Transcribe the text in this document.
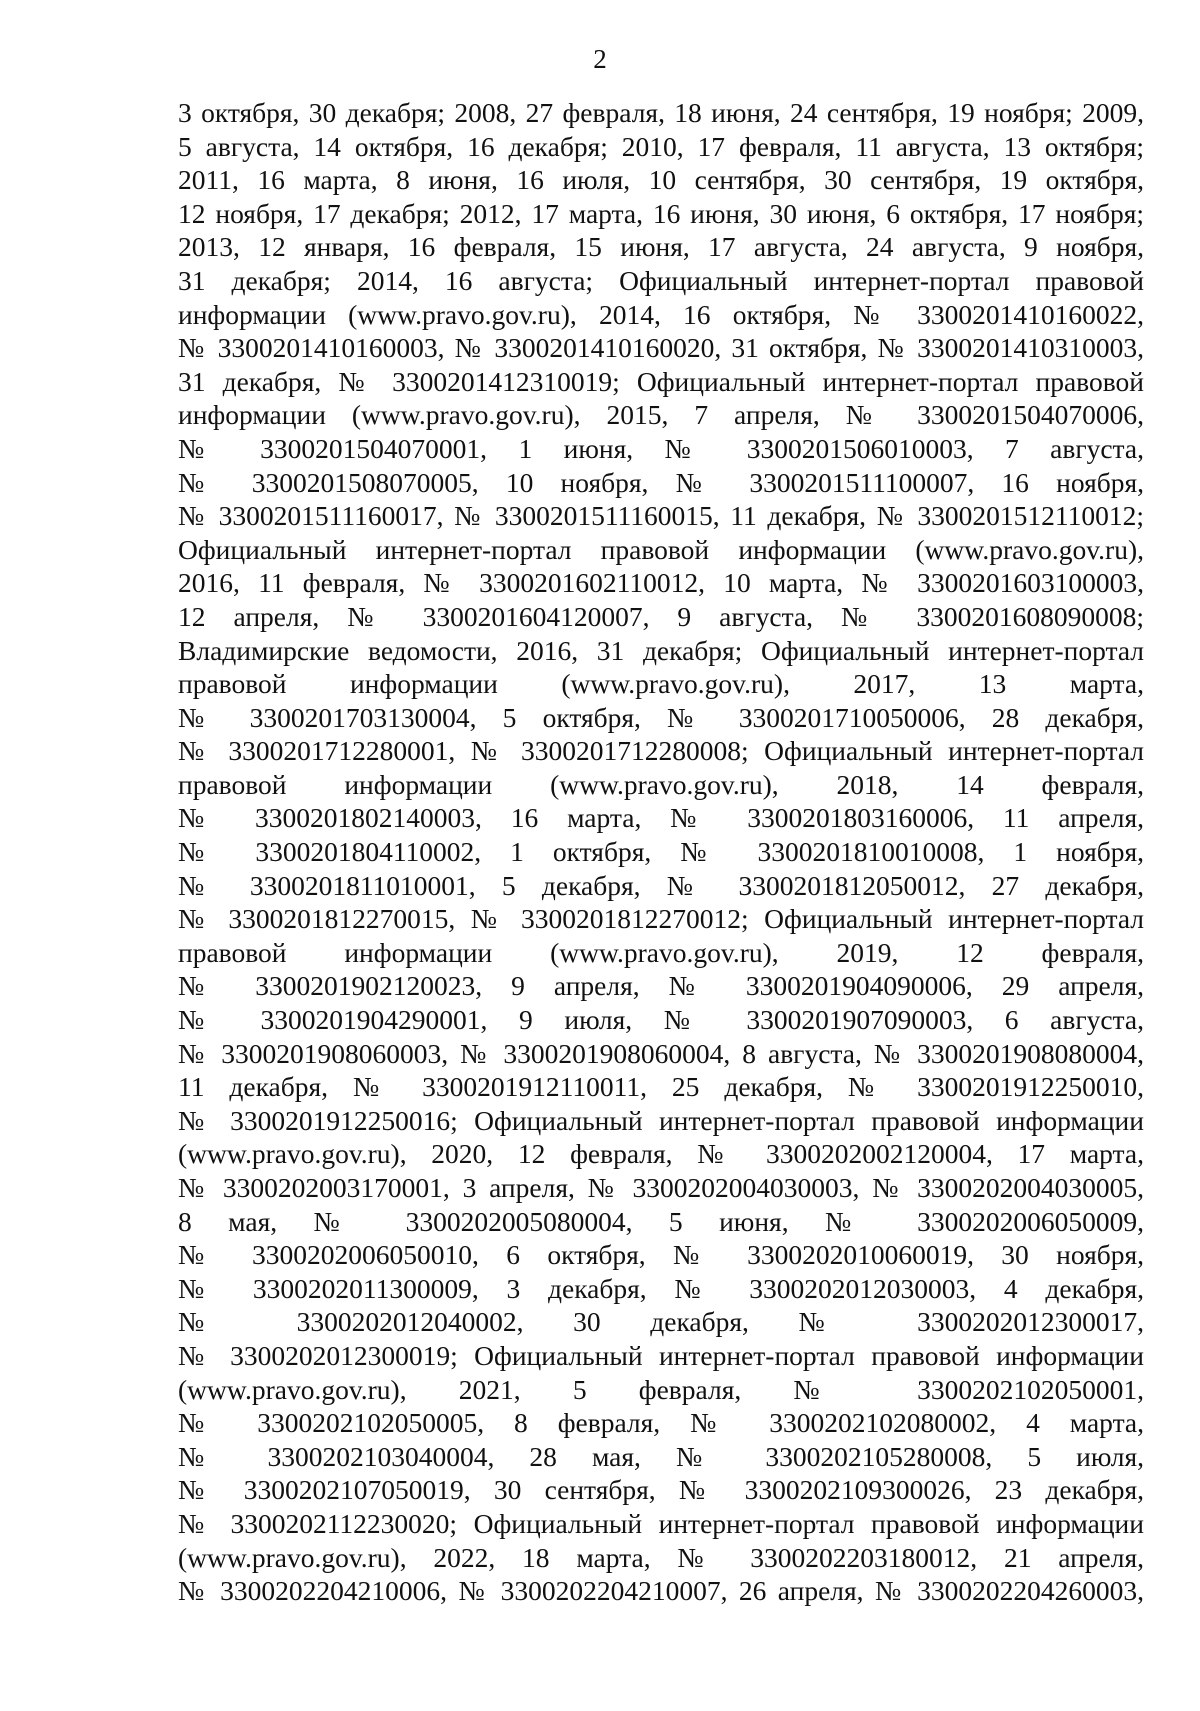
2
3 октября, 30 декабря; 2008, 27 февраля, 18 июня, 24 сентября, 19 ноября; 2009,
5 августа, 14 октября, 16 декабря; 2010, 17 февраля, 11 августа, 13 октября;
2011, 16 марта, 8 июня, 16 июля, 10 сентября, 30 сентября, 19 октября,
12 ноября, 17 декабря; 2012, 17 марта, 16 июня, 30 июня, 6 октября, 17 ноября;
2013, 12 января, 16 февраля, 15 июня, 17 августа, 24 августа, 9 ноября,
31 декабря; 2014, 16 августа; Официальный интернет-портал правовой
информации (www.pravo.gov.ru), 2014, 16 октября, № 3300201410160022,
№ 3300201410160003, № 3300201410160020, 31 октября, № 3300201410310003,
31 декабря, № 3300201412310019; Официальный интернет-портал правовой
информации (www.pravo.gov.ru), 2015, 7 апреля, № 3300201504070006,
№ 3300201504070001, 1 июня, № 3300201506010003, 7 августа,
№ 3300201508070005, 10 ноября, № 3300201511100007, 16 ноября,
№ 3300201511160017, № 3300201511160015, 11 декабря, № 3300201512110012;
Официальный интернет-портал правовой информации (www.pravo.gov.ru),
2016, 11 февраля, № 3300201602110012, 10 марта, № 3300201603100003,
12 апреля, № 3300201604120007, 9 августа, № 3300201608090008;
Владимирские ведомости, 2016, 31 декабря; Официальный интернет-портал
правовой информации (www.pravo.gov.ru), 2017, 13 марта,
№ 3300201703130004, 5 октября, № 3300201710050006, 28 декабря,
№ 3300201712280001, № 3300201712280008; Официальный интернет-портал
правовой информации (www.pravo.gov.ru), 2018, 14 февраля,
№ 3300201802140003, 16 марта, № 3300201803160006, 11 апреля,
№ 3300201804110002, 1 октября, № 3300201810010008, 1 ноября,
№ 3300201811010001, 5 декабря, № 3300201812050012, 27 декабря,
№ 3300201812270015, № 3300201812270012; Официальный интернет-портал
правовой информации (www.pravo.gov.ru), 2019, 12 февраля,
№ 3300201902120023, 9 апреля, № 3300201904090006, 29 апреля,
№ 3300201904290001, 9 июля, № 3300201907090003, 6 августа,
№ 3300201908060003, № 3300201908060004, 8 августа, № 3300201908080004,
11 декабря, № 3300201912110011, 25 декабря, № 3300201912250010,
№ 3300201912250016; Официальный интернет-портал правовой информации
(www.pravo.gov.ru), 2020, 12 февраля, № 3300202002120004, 17 марта,
№ 3300202003170001, 3 апреля, № 3300202004030003, № 3300202004030005,
8 мая, № 3300202005080004, 5 июня, № 3300202006050009,
№ 3300202006050010, 6 октября, № 3300202010060019, 30 ноября,
№ 3300202011300009, 3 декабря, № 3300202012030003, 4 декабря,
№ 3300202012040002, 30 декабря, № 3300202012300017,
№ 3300202012300019; Официальный интернет-портал правовой информации
(www.pravo.gov.ru), 2021, 5 февраля, № 3300202102050001,
№ 3300202102050005, 8 февраля, № 3300202102080002, 4 марта,
№ 3300202103040004, 28 мая, № 3300202105280008, 5 июля,
№ 3300202107050019, 30 сентября, № 3300202109300026, 23 декабря,
№ 3300202112230020; Официальный интернет-портал правовой информации
(www.pravo.gov.ru), 2022, 18 марта, № 3300202203180012, 21 апреля,
№ 3300202204210006, № 3300202204210007, 26 апреля, № 3300202204260003,
